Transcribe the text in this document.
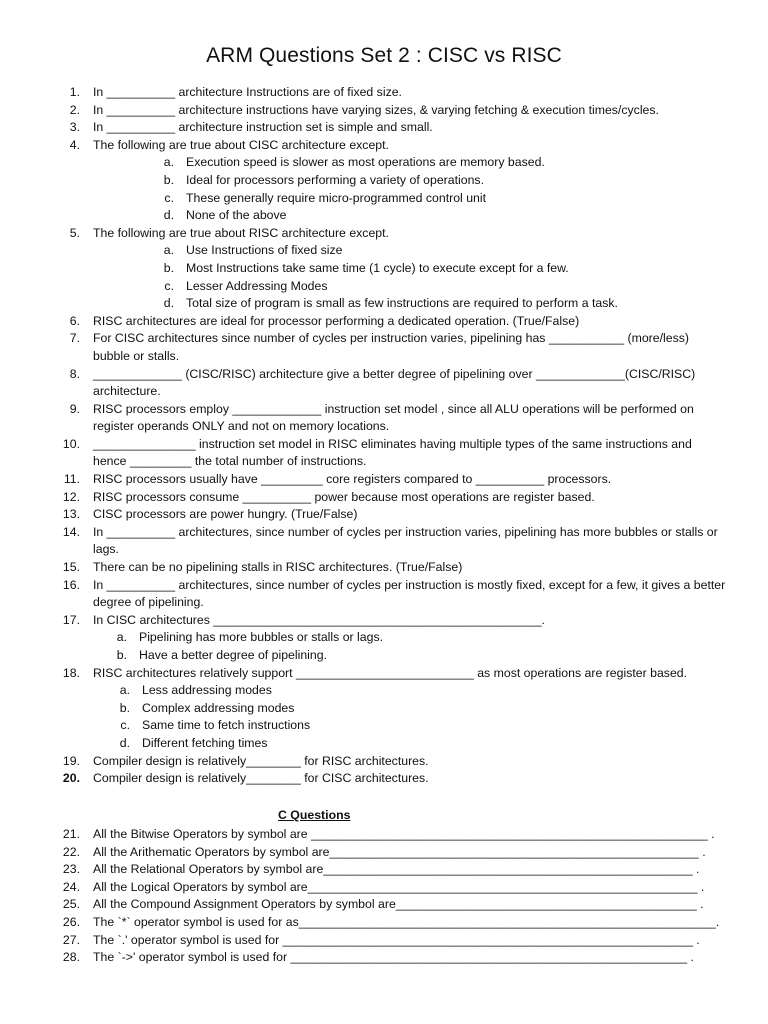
ARM Questions Set 2 : CISC vs RISC
1. In __________ architecture Instructions are of fixed size.
2. In __________ architecture instructions have varying sizes, & varying fetching & execution times/cycles.
3. In __________ architecture instruction set is simple and small.
4. The following are true about CISC architecture except.
a. Execution speed is slower as most operations are memory based.
b. Ideal for processors performing a variety of operations.
c. These generally require micro-programmed control unit
d. None of the above
5. The following are true about RISC architecture except.
a. Use Instructions of fixed size
b. Most Instructions take same time (1 cycle) to execute except for a few.
c. Lesser Addressing Modes
d. Total size of program is small as few instructions are required to perform a task.
6. RISC architectures are ideal for processor performing a dedicated operation. (True/False)
7. For CISC architectures since number of cycles per instruction varies, pipelining has ___________ (more/less) bubble or stalls.
8. _____________ (CISC/RISC) architecture give a better degree of pipelining over _____________(CISC/RISC) architecture.
9. RISC processors employ _____________ instruction set model , since all ALU operations will be performed on register operands ONLY and not on memory locations.
10. _______________ instruction set model in RISC eliminates having multiple types of the same instructions and hence _________ the total number of instructions.
11. RISC processors usually have _________ core registers compared to __________ processors.
12. RISC processors consume __________ power because most operations are register based.
13. CISC processors are power hungry. (True/False)
14. In __________ architectures, since number of cycles per instruction varies, pipelining has more bubbles or stalls or lags.
15. There can be no pipelining stalls in RISC architectures. (True/False)
16. In __________ architectures, since number of cycles per instruction is mostly fixed, except for a few, it gives a better degree of pipelining.
17. In CISC architectures ________________________________________________.
a. Pipelining has more bubbles or stalls or lags.
b. Have a better degree of pipelining.
18. RISC architectures relatively support __________________________ as most operations are register based.
a. Less addressing modes
b. Complex addressing modes
c. Same time to fetch instructions
d. Different fetching times
19. Compiler design is relatively________ for RISC architectures.
20. Compiler design is relatively________ for CISC architectures.
C Questions
21. All the Bitwise Operators by symbol are __________________________________________________________ .
22. All the Arithematic Operators by symbol are______________________________________________________ .
23. All the Relational Operators by symbol are______________________________________________________ .
24. All the Logical Operators by symbol are_________________________________________________________ .
25. All the Compound Assignment Operators by symbol are____________________________________________ .
26. The `*` operator symbol is used for as_____________________________________________________________.
27. The `.' operator symbol is used for ____________________________________________________________ .
28. The `->' operator symbol is used for __________________________________________________________ .
